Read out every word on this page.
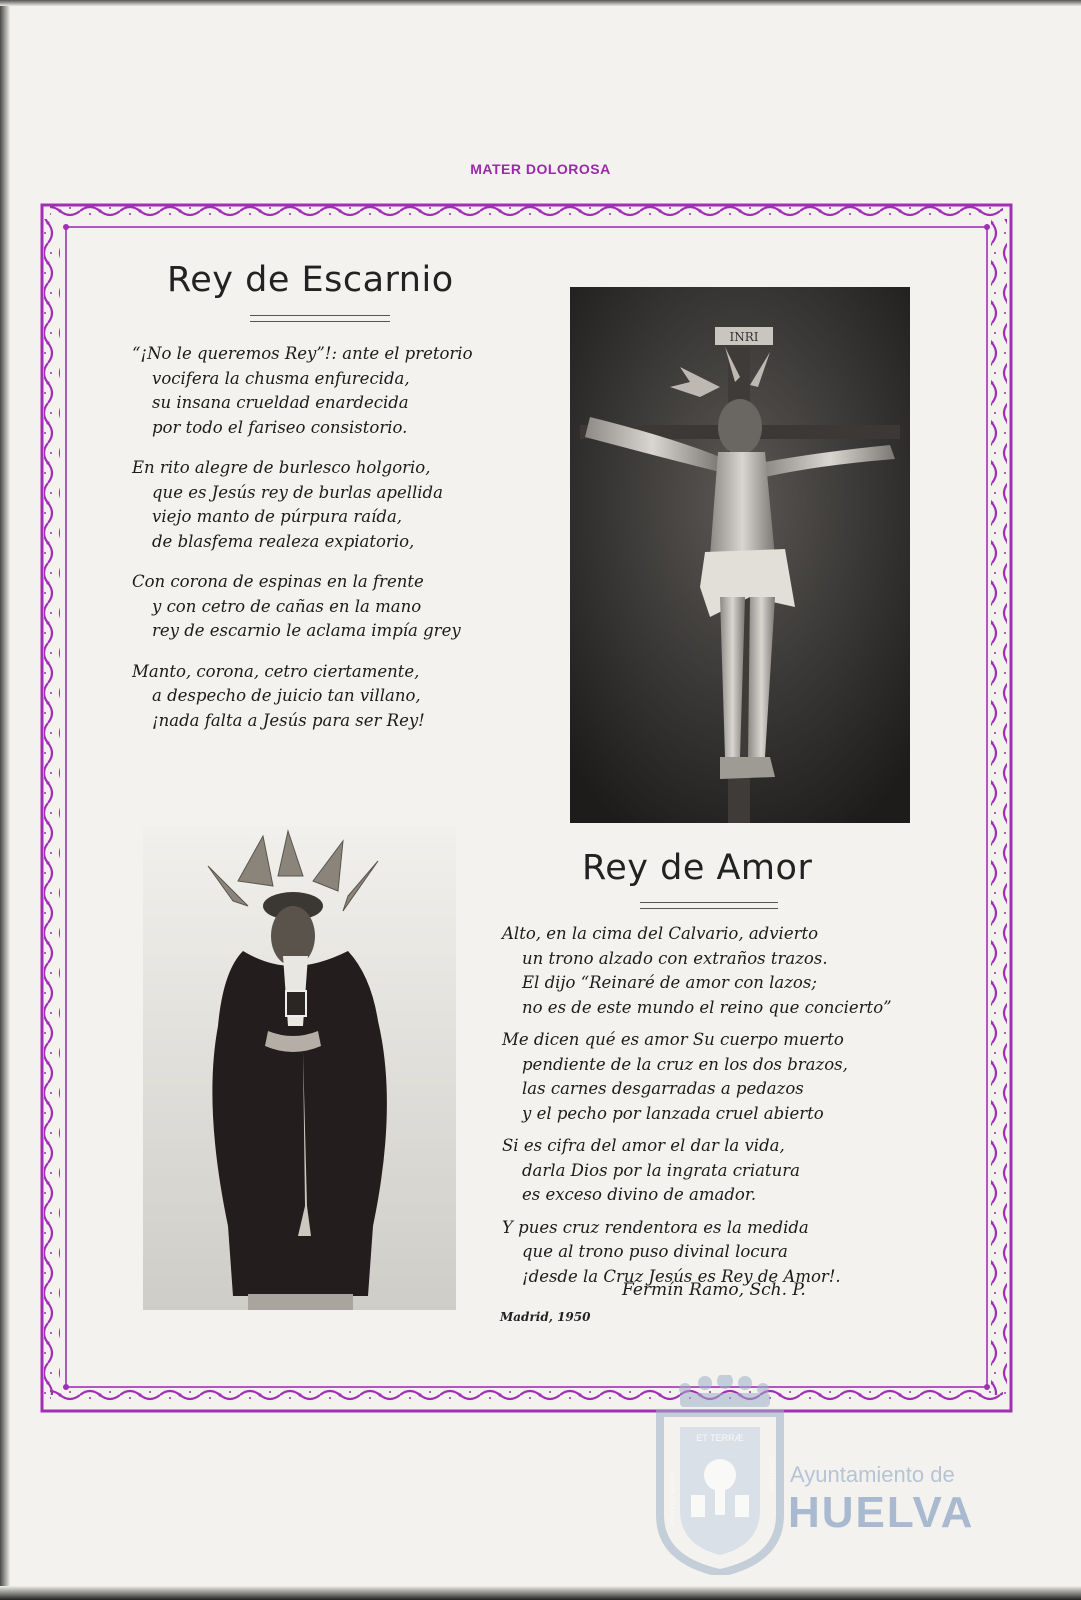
MATER DOLOROSA
Rey de Escarnio
“¡No le queremos Rey”!: ante el pretorio
vocifera la chusma enfurecida,
su insana crueldad enardecida
por todo el fariseo consistorio.
En rito alegre de burlesco holgorio,
que es Jesús rey de burlas apellida
viejo manto de púrpura raída,
de blasfema realeza expiatorio,
Con corona de espinas en la frente
y con cetro de cañas en la mano
rey de escarnio le aclama impía grey
Manto, corona, cetro ciertamente,
a despecho de juicio tan villano,
¡nada falta a Jesús para ser Rey!
INRI
Rey de Amor
Alto, en la cima del Calvario, advierto
un trono alzado con extraños trazos.
El dijo “Reinaré de amor con lazos;
no es de este mundo el reino que concierto”
Me dicen qué es amor Su cuerpo muerto
pendiente de la cruz en los dos brazos,
las carnes desgarradas a pedazos
y el pecho por lanzada cruel abierto
Si es cifra del amor el dar la vida,
darla Dios por la ingrata criatura
es exceso divino de amador.
Y pues cruz rendentora es la medida
que al trono puso divinal locura
¡desde la Cruz Jesús es Rey de Amor!.
Fermín Ramo, Sch. P.
Madrid, 1950
ET TERRÆ
PORTUS MARIS	CUSTODIA Ayuntamiento de
HUELVA
